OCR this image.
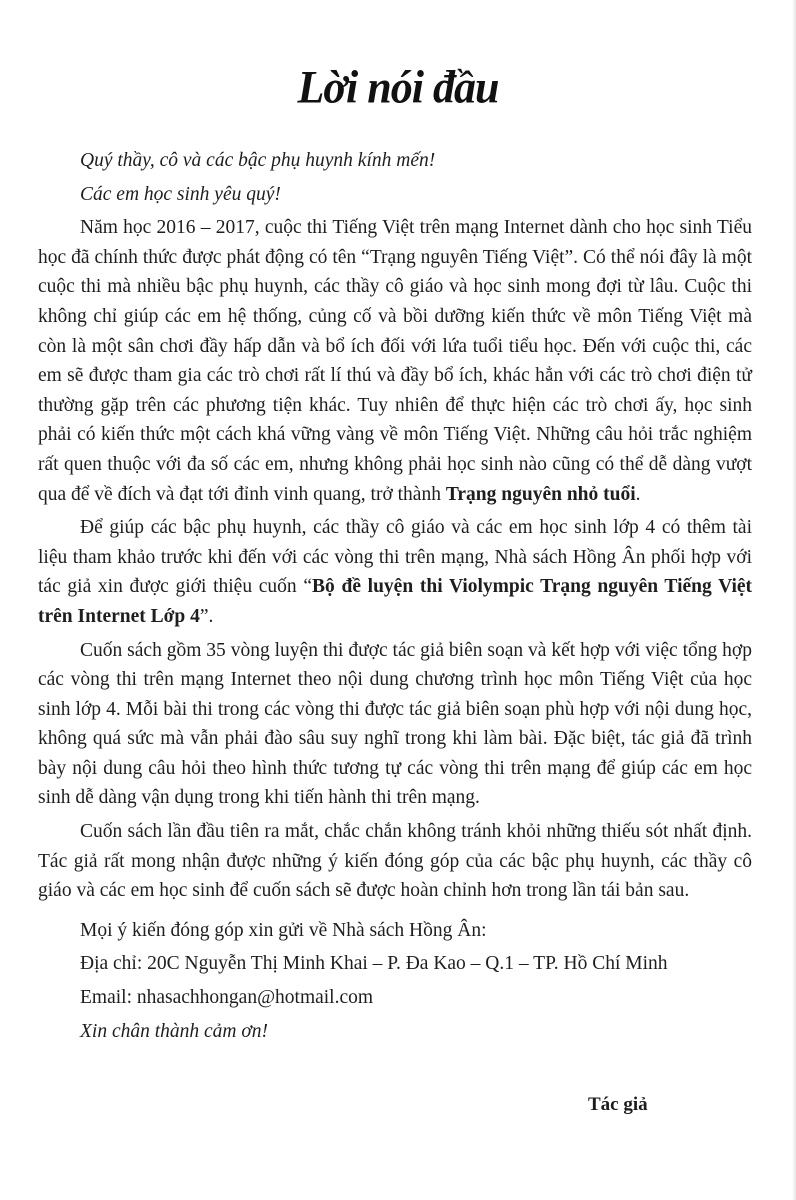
Lời nói đầu

Quý thầy, cô và các bậc phụ huynh kính mến!

Các em học sinh yêu quý!

Năm học 2016 – 2017, cuộc thi Tiếng Việt trên mạng Internet dành cho học sinh Tiểu học đã chính thức được phát động có tên “Trạng nguyên Tiếng Việt”. Có thể nói đây là một cuộc thi mà nhiều bậc phụ huynh, các thầy cô giáo và học sinh mong đợi từ lâu. Cuộc thi không chỉ giúp các em hệ thống, củng cố và bồi dưỡng kiến thức về môn Tiếng Việt mà còn là một sân chơi đầy hấp dẫn và bổ ích đối với lứa tuổi tiểu học. Đến với cuộc thi, các em sẽ được tham gia các trò chơi rất lí thú và đầy bổ ích, khác hẳn với các trò chơi điện tử thường gặp trên các phương tiện khác. Tuy nhiên để thực hiện các trò chơi ấy, học sinh phải có kiến thức một cách khá vững vàng về môn Tiếng Việt. Những câu hỏi trắc nghiệm rất quen thuộc với đa số các em, nhưng không phải học sinh nào cũng có thể dễ dàng vượt qua để về đích và đạt tới đỉnh vinh quang, trở thành Trạng nguyên nhỏ tuổi.

Để giúp các bậc phụ huynh, các thầy cô giáo và các em học sinh lớp 4 có thêm tài liệu tham khảo trước khi đến với các vòng thi trên mạng, Nhà sách Hồng Ân phối hợp với tác giả xin được giới thiệu cuốn “Bộ đề luyện thi Violympic Trạng nguyên Tiếng Việt trên Internet Lớp 4”.

Cuốn sách gồm 35 vòng luyện thi được tác giả biên soạn và kết hợp với việc tổng hợp các vòng thi trên mạng Internet theo nội dung chương trình học môn Tiếng Việt của học sinh lớp 4. Mỗi bài thi trong các vòng thi được tác giả biên soạn phù hợp với nội dung học, không quá sức mà vẫn phải đào sâu suy nghĩ trong khi làm bài. Đặc biệt, tác giả đã trình bày nội dung câu hỏi theo hình thức tương tự các vòng thi trên mạng để giúp các em học sinh dễ dàng vận dụng trong khi tiến hành thi trên mạng.

Cuốn sách lần đầu tiên ra mắt, chắc chắn không tránh khỏi những thiếu sót nhất định. Tác giả rất mong nhận được những ý kiến đóng góp của các bậc phụ huynh, các thầy cô giáo và các em học sinh để cuốn sách sẽ được hoàn chỉnh hơn trong lần tái bản sau.

Mọi ý kiến đóng góp xin gửi về Nhà sách Hồng Ân:

Địa chỉ: 20C Nguyễn Thị Minh Khai – P. Đa Kao – Q.1 – TP. Hồ Chí Minh

Email: nhasachhongan@hotmail.com

Xin chân thành cảm ơn!

Tác giả
